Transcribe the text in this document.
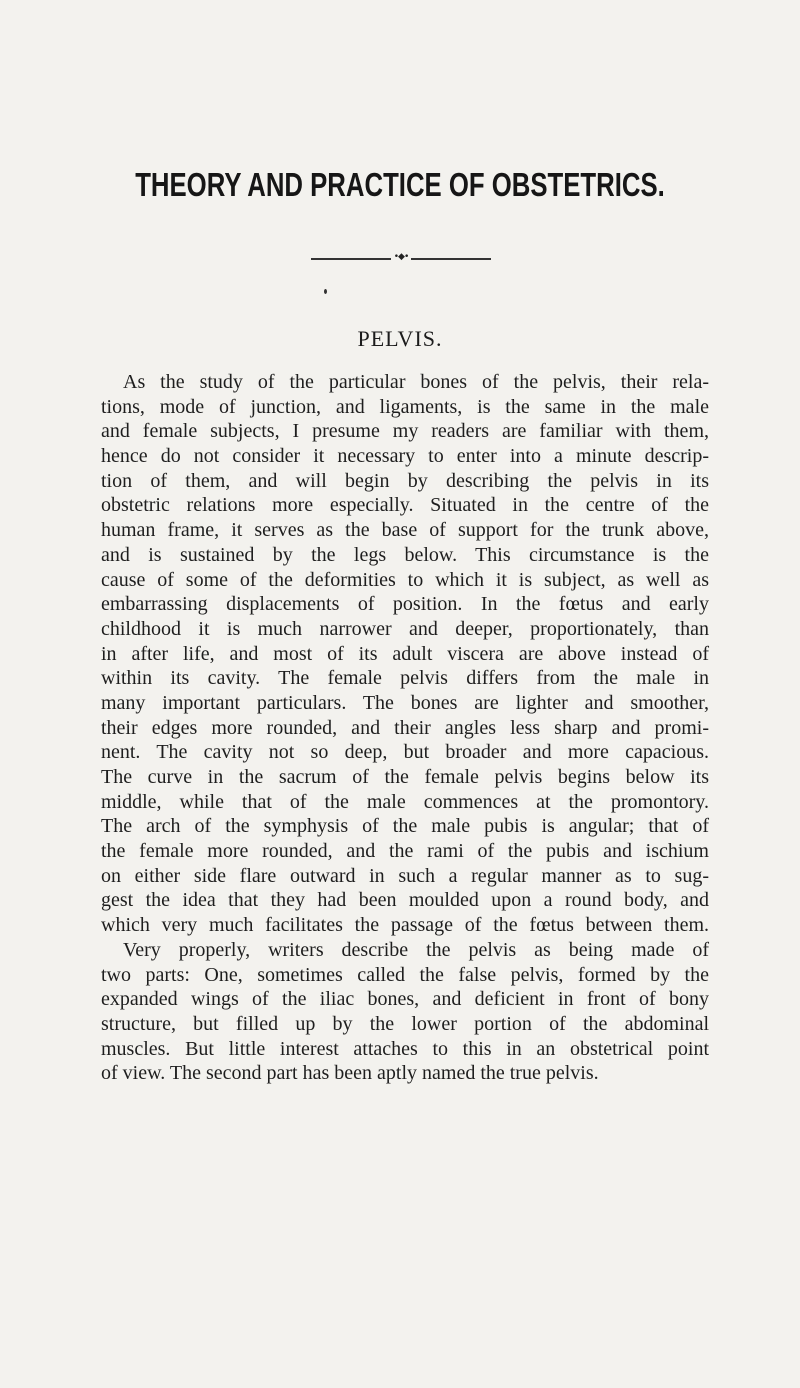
THEORY AND PRACTICE OF OBSTETRICS.
•◆•
PELVIS.
As the study of the particular bones of the pelvis, their rela-
tions, mode of junction, and ligaments, is the same in the male
and female subjects, I presume my readers are familiar with them,
hence do not consider it necessary to enter into a minute descrip-
tion of them, and will begin by describing the pelvis in its
obstetric relations more especially. Situated in the centre of the
human frame, it serves as the base of support for the trunk above,
and is sustained by the legs below. This circumstance is the
cause of some of the deformities to which it is subject, as well as
embarrassing displacements of position. In the fœtus and early
childhood it is much narrower and deeper, proportionately, than
in after life, and most of its adult viscera are above instead of
within its cavity. The female pelvis differs from the male in
many important particulars. The bones are lighter and smoother,
their edges more rounded, and their angles less sharp and promi-
nent. The cavity not so deep, but broader and more capacious.
The curve in the sacrum of the female pelvis begins below its
middle, while that of the male commences at the promontory.
The arch of the symphysis of the male pubis is angular; that of
the female more rounded, and the rami of the pubis and ischium
on either side flare outward in such a regular manner as to sug-
gest the idea that they had been moulded upon a round body, and
which very much facilitates the passage of the fœtus between them.
Very properly, writers describe the pelvis as being made of
two parts: One, sometimes called the false pelvis, formed by the
expanded wings of the iliac bones, and deficient in front of bony
structure, but filled up by the lower portion of the abdominal
muscles. But little interest attaches to this in an obstetrical point
of view. The second part has been aptly named the true pelvis.
